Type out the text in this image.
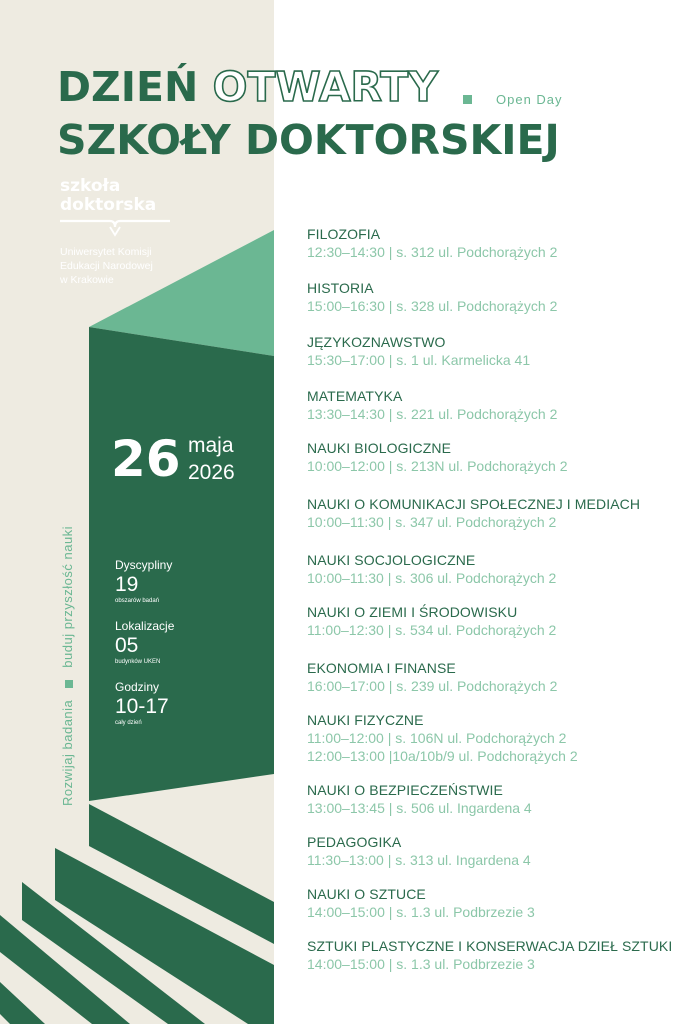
DZIEŃ OTWARTY
SZKOŁY DOKTORSKIEJ
Open Day
szkoła
doktorska
Uniwersytet Komisji
Edukacji Narodowej
w Krakowie
26 maja
2026
Dyscypliny
19
obszarów badań
Lokalizacje
05
budynków UKEN
Godziny
10-17
cały dzień
Rozwijaj badaniabuduj przyszłość nauki
FILOZOFIA
12:30–14:30 | s. 312 ul. Podchorążych 2
HISTORIA
15:00–16:30 | s. 328 ul. Podchorążych 2
JĘZYKOZNAWSTWO
15:30–17:00 | s. 1 ul. Karmelicka 41
MATEMATYKA
13:30–14:30 | s. 221 ul. Podchorążych 2
NAUKI BIOLOGICZNE
10:00–12:00 | s. 213N ul. Podchorążych 2
NAUKI O KOMUNIKACJI SPOŁECZNEJ I MEDIACH
10:00–11:30 | s. 347 ul. Podchorążych 2
NAUKI SOCJOLOGICZNE
10:00–11:30 | s. 306 ul. Podchorążych 2
NAUKI O ZIEMI I ŚRODOWISKU
11:00–12:30 | s. 534 ul. Podchorążych 2
EKONOMIA I FINANSE
16:00–17:00 | s. 239 ul. Podchorążych 2
NAUKI FIZYCZNE
11:00–12:00 | s. 106N ul. Podchorążych 2
12:00–13:00 |10a/10b/9 ul. Podchorążych 2
NAUKI O BEZPIECZEŃSTWIE
13:00–13:45 | s. 506 ul. Ingardena 4
PEDAGOGIKA
11:30–13:00 | s. 313 ul. Ingardena 4
NAUKI O SZTUCE
14:00–15:00 | s. 1.3 ul. Podbrzezie 3
SZTUKI PLASTYCZNE I KONSERWACJA DZIEŁ SZTUKI
14:00–15:00 | s. 1.3 ul. Podbrzezie 3
